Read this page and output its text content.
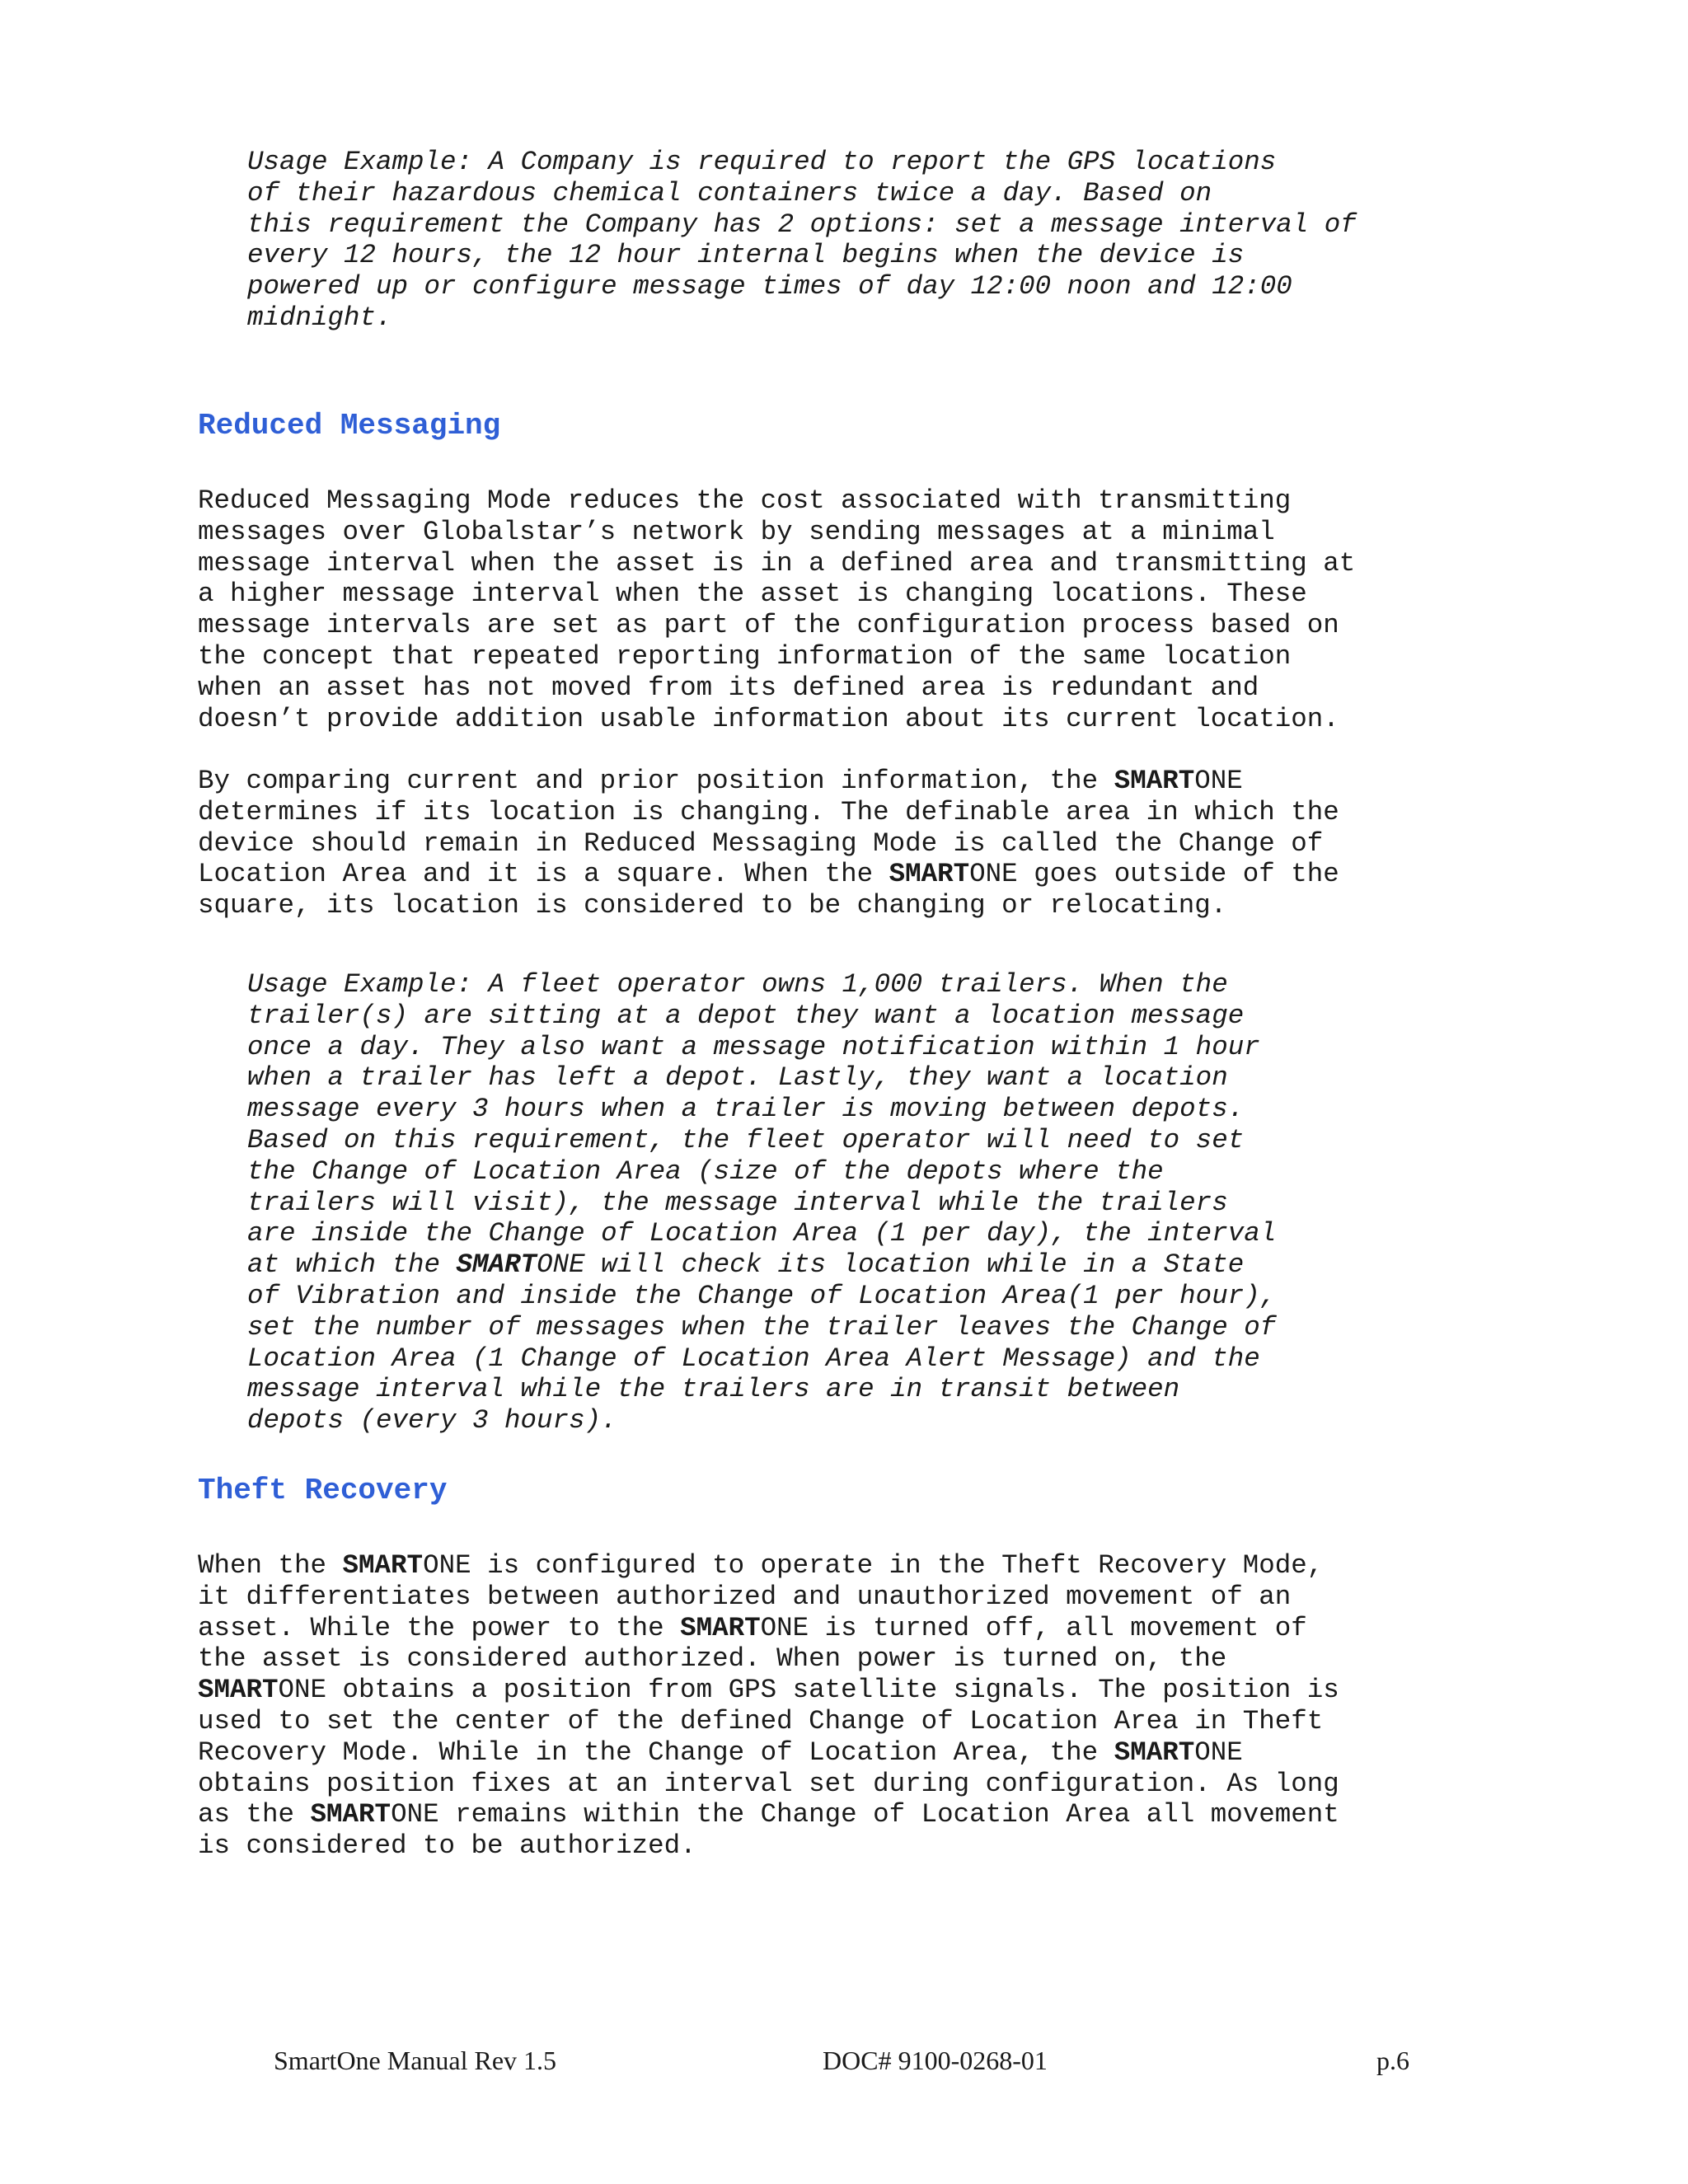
Usage Example: A Company is required to report the GPS locations

of their hazardous chemical containers twice a day. Based on

this requirement the Company has 2 options: set a message interval of

every 12 hours, the 12 hour internal begins when the device is

powered up or configure message times of day 12:00 noon and 12:00

midnight.

Reduced Messaging

Reduced Messaging Mode reduces the cost associated with transmitting

messages over Globalstar’s network by sending messages at a minimal

message interval when the asset is in a defined area and transmitting at

a higher message interval when the asset is changing locations. These

message intervals are set as part of the configuration process based on

the concept that repeated reporting information of the same location

when an asset has not moved from its defined area is redundant and

doesn’t provide addition usable information about its current location.

By comparing current and prior position information, the SMARTONE

determines if its location is changing. The definable area in which the

device should remain in Reduced Messaging Mode is called the Change of

Location Area and it is a square. When the SMARTONE goes outside of the

square, its location is considered to be changing or relocating.

Usage Example: A fleet operator owns 1,000 trailers. When the

trailer(s) are sitting at a depot they want a location message

once a day. They also want a message notification within 1 hour

when a trailer has left a depot. Lastly, they want a location

message every 3 hours when a trailer is moving between depots.

Based on this requirement, the fleet operator will need to set

the Change of Location Area (size of the depots where the

trailers will visit), the message interval while the trailers

are inside the Change of Location Area (1 per day), the interval

at which the SMARTONE will check its location while in a State

of Vibration and inside the Change of Location Area(1 per hour),

set the number of messages when the trailer leaves the Change of

Location Area (1 Change of Location Area Alert Message) and the

message interval while the trailers are in transit between

depots (every 3 hours).

Theft Recovery

When the SMARTONE is configured to operate in the Theft Recovery Mode,

it differentiates between authorized and unauthorized movement of an

asset. While the power to the SMARTONE is turned off, all movement of

the asset is considered authorized. When power is turned on, the

SMARTONE obtains a position from GPS satellite signals. The position is

used to set the center of the defined Change of Location Area in Theft

Recovery Mode. While in the Change of Location Area, the SMARTONE

obtains position fixes at an interval set during configuration. As long

as the SMARTONE remains within the Change of Location Area all movement

is considered to be authorized.

SmartOne Manual Rev 1.5	DOC# 9100-0268-01	p.6
